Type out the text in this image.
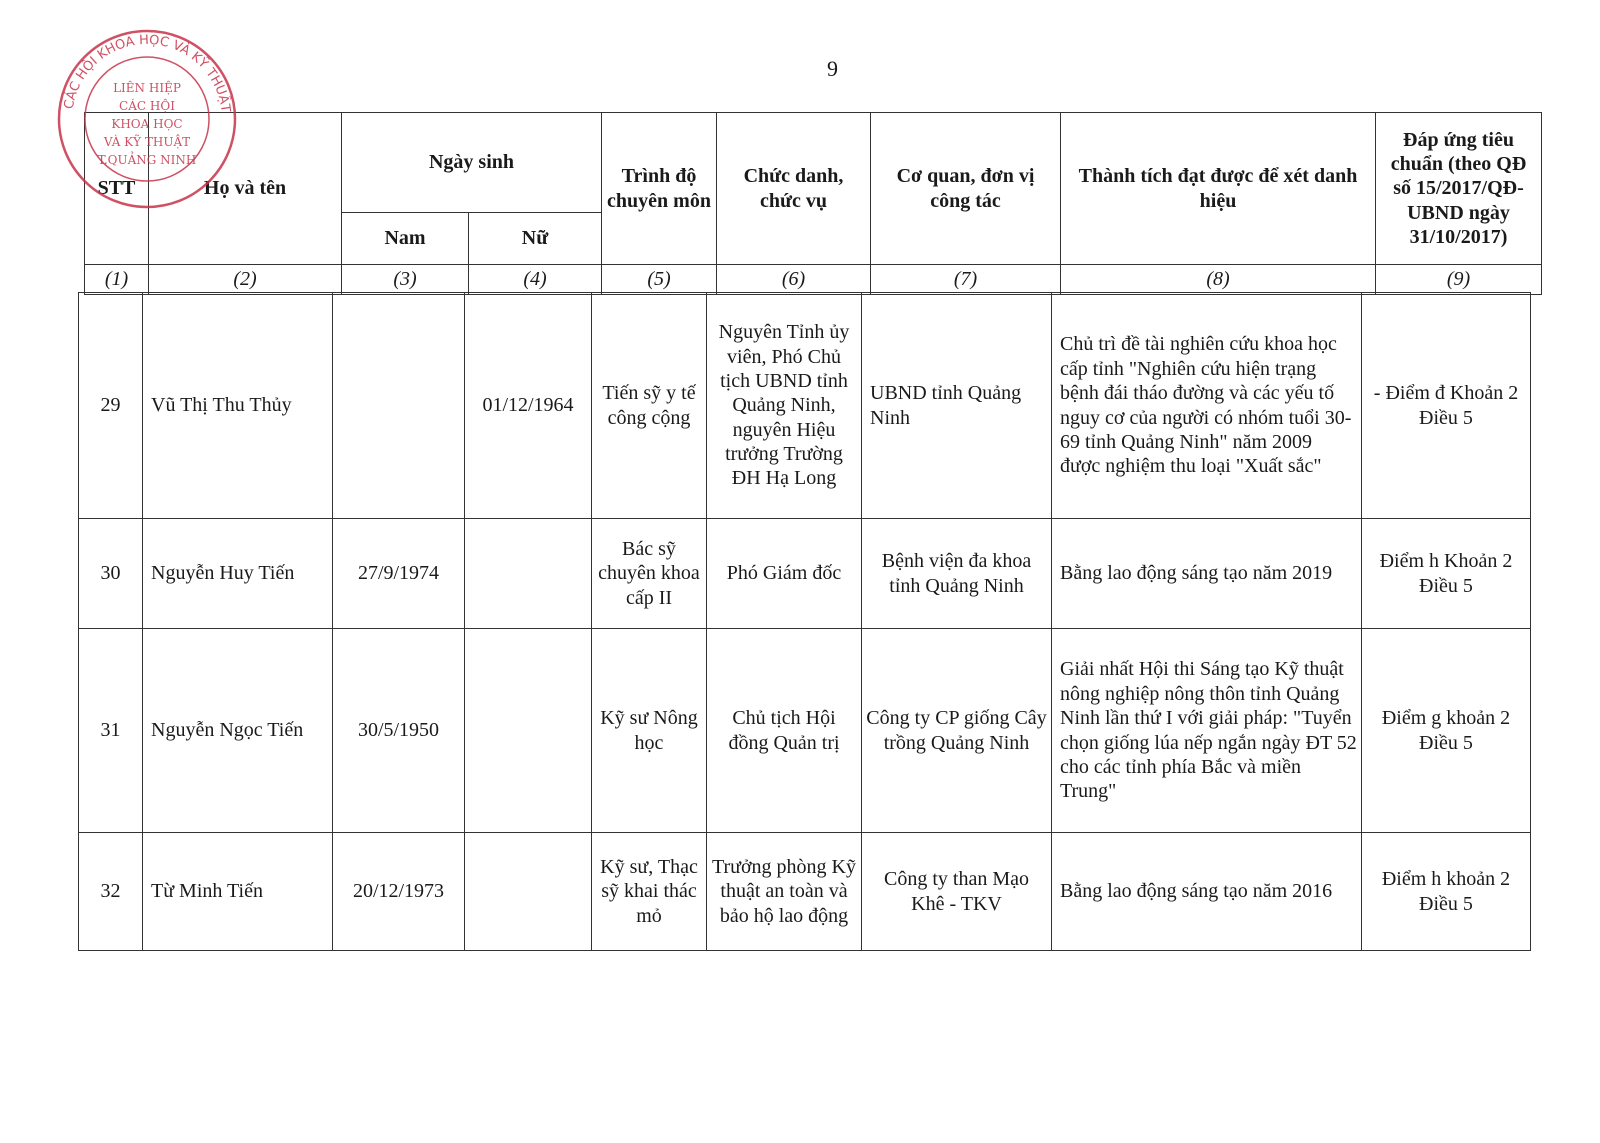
9
STT	Họ và tên	Ngày sinh		Trình độ chuyên môn	Chức danh, chức vụ	Cơ quan, đơn vị công tác	Thành tích đạt được để xét danh hiệu	Đáp ứng tiêu chuẩn (theo QĐ số 15/2017/QĐ-UBND ngày 31/10/2017)
		Nam	Nữ					
(1)	(2)	(3)	(4)	(5)	(6)	(7)	(8)	(9)
29	Vũ Thị Thu Thủy		01/12/1964	Tiến sỹ y tế công cộng	Nguyên Tỉnh ủy viên, Phó Chủ tịch UBND tỉnh Quảng Ninh, nguyên Hiệu trưởng Trường ĐH Hạ Long	UBND tỉnh Quảng Ninh	Chủ trì đề tài nghiên cứu khoa học cấp tỉnh "Nghiên cứu hiện trạng bệnh đái tháo đường và các yếu tố nguy cơ của người có nhóm tuổi 30-69 tỉnh Quảng Ninh" năm 2009 được nghiệm thu loại "Xuất sắc"	- Điểm đ Khoản 2 Điều 5
30	Nguyễn Huy Tiến	27/9/1974		Bác sỹ chuyên khoa cấp II	Phó Giám đốc	Bệnh viện đa khoa tỉnh Quảng Ninh	Bằng lao động sáng tạo năm 2019	Điểm h Khoản 2 Điều 5
31	Nguyễn Ngọc Tiến	30/5/1950		Kỹ sư Nông học	Chủ tịch Hội đồng Quản trị	Công ty CP giống Cây trồng Quảng Ninh	Giải nhất Hội thi Sáng tạo Kỹ thuật nông nghiệp nông thôn tỉnh Quảng Ninh lần thứ I với giải pháp: "Tuyển chọn giống lúa nếp ngắn ngày ĐT 52 cho các tỉnh phía Bắc và miền Trung"	Điểm g khoản 2 Điều 5
32	Từ Minh Tiến	20/12/1973		Kỹ sư, Thạc sỹ khai thác mỏ	Trưởng phòng Kỹ thuật an toàn và bảo hộ lao động	Công ty than Mạo Khê - TKV	Bằng lao động sáng tạo năm 2016	Điểm h khoản 2 Điều 5
CÁC HỘI KHOA HỌC VÀ KỸ THUẬT
LIÊN HIỆP
CÁC HỘI
KHOA HỌC
VÀ KỸ THUẬT
T.QUẢNG NINH
